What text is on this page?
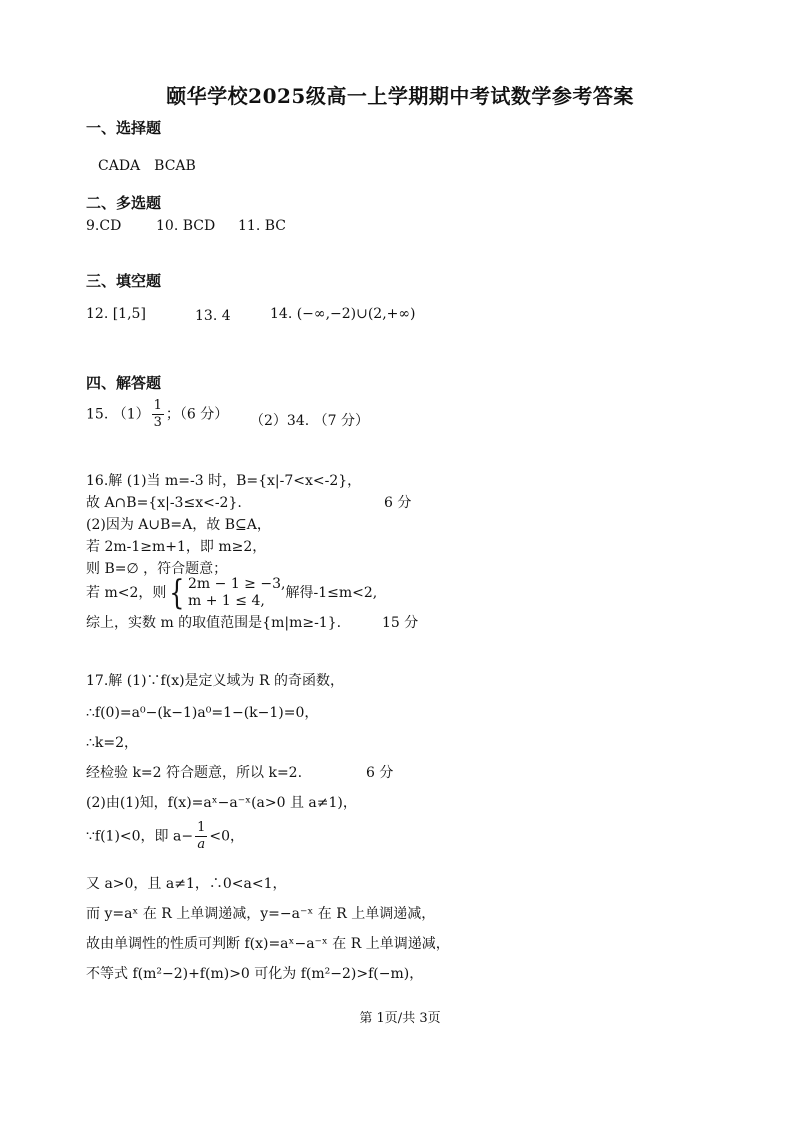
颐华学校2025级高一上学期期中考试数学参考答案
一、选择题
CADA　BCAB
二、多选题
9.CD 10. BCD 11. BC
三、填空题
12. [1,5]	13. 4	14. (−∞,−2)∪(2,+∞)
四、解答题
15. $(1) \frac{1}{3}$ ；（6 分） （2）34. （7 分）
16.解 (1)当 m=-3 时，B={x|-7<x<-2}，
故 A∩B={x|-3≤x<-2}.	6 分
(2)因为 A∪B=A，故 B⊆A，
若 2m-1≥m+1，即 m≥2，
则 B=∅ ，符合题意；
若 m<2，则{ 2m − 1 ≥ −3,
m + 1 ≤ 4,	解得-1≤m<2,
综上，实数 m 的取值范围是{m|m≥-1}.	15 分
17.解 (1)∵f(x)是定义域为 R 的奇函数，
∴f(0)=a⁰−(k−1)a⁰=1−(k−1)=0，
∴k=2，
经检验 k=2 符合题意，所以 k=2.	6 分
(2)由(1)知，f(x)=aˣ−a⁻ˣ(a>0 且 a≠1)，
∵f(1)<0，即 $a- \frac{1}{a} <0$，
又 a>0，且 a≠1，∴0<a<1，
而 y=aˣ 在 R 上单调递减，y=−a⁻ˣ 在 R 上单调递减，
故由单调性的性质可判断 f(x)=aˣ−a⁻ˣ 在 R 上单调递减，
不等式 f(m²−2)+f(m)>0 可化为 f(m²−2)>f(−m)，
第 1页/共 3页
